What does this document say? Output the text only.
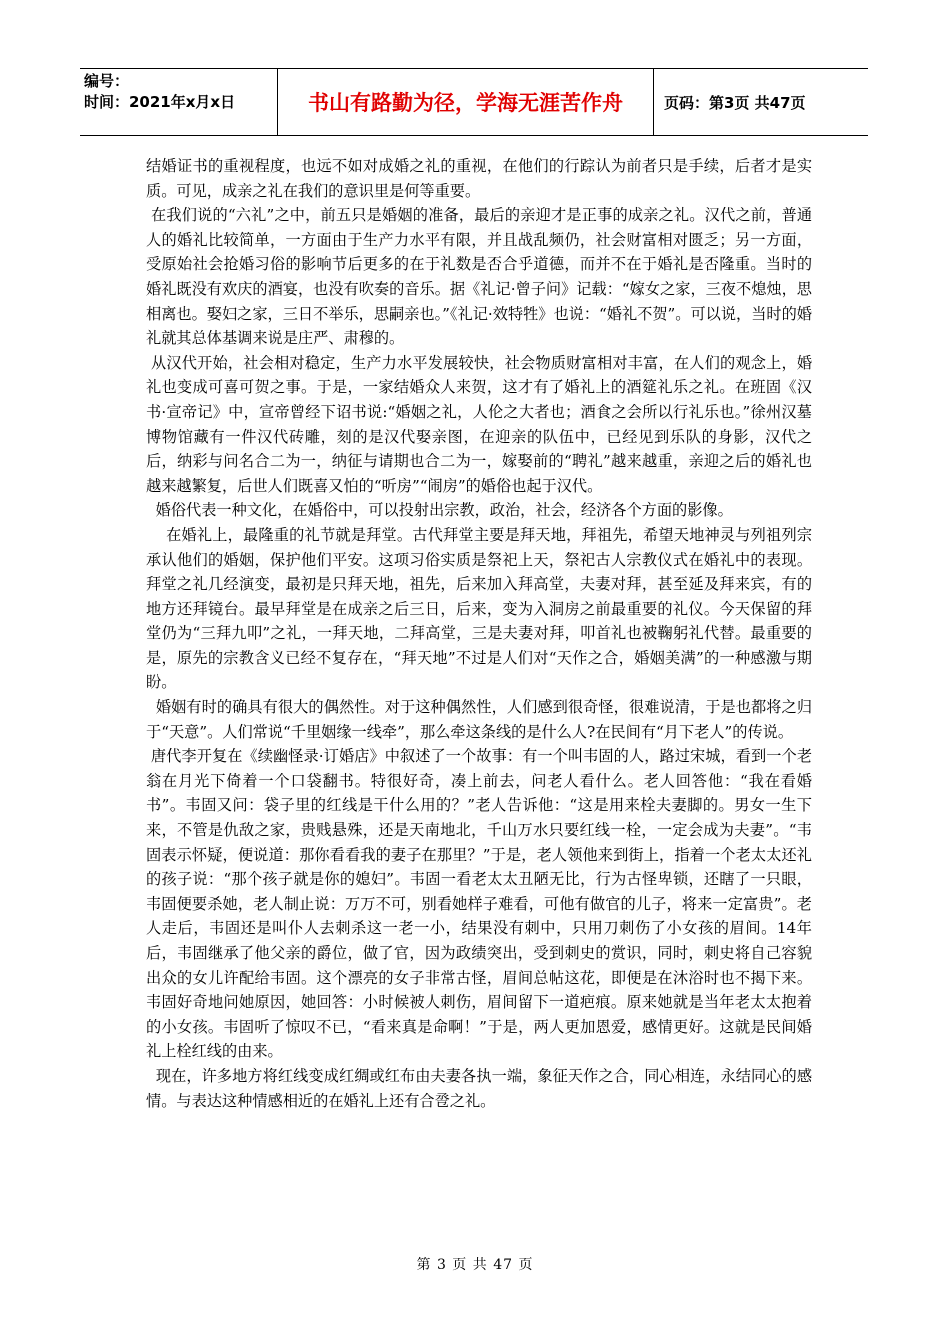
编号：
时间：2021年x月x日	书山有路勤为径，学海无涯苦作舟	页码：第3页 共47页

结婚证书的重视程度，也远不如对成婚之礼的重视，在他们的行踪认为前者只是手续，后者才是实质。可见，成亲之礼在我们的意识里是何等重要。

在我们说的“六礼”之中，前五只是婚姻的准备，最后的亲迎才是正事的成亲之礼。汉代之前，普通人的婚礼比较简单，一方面由于生产力水平有限，并且战乱频仍，社会财富相对匮乏；另一方面，受原始社会抢婚习俗的影响节后更多的在于礼数是否合乎道德，而并不在于婚礼是否隆重。当时的婚礼既没有欢庆的酒宴，也没有吹奏的音乐。据《礼记·曾子问》记载：“嫁女之家，三夜不熄烛，思相离也。娶妇之家，三日不举乐，思嗣亲也。”《礼记·效特牲》也说：“婚礼不贺”。可以说，当时的婚礼就其总体基调来说是庄严、肃穆的。

从汉代开始，社会相对稳定，生产力水平发展较快，社会物质财富相对丰富，在人们的观念上，婚礼也变成可喜可贺之事。于是，一家结婚众人来贺，这才有了婚礼上的酒筵礼乐之礼。在班固《汉书·宣帝记》中，宣帝曾经下诏书说:“婚姻之礼，人伦之大者也；酒食之会所以行礼乐也。”徐州汉墓博物馆藏有一件汉代砖雕，刻的是汉代娶亲图，在迎亲的队伍中，已经见到乐队的身影，汉代之后，纳彩与问名合二为一，纳征与请期也合二为一，嫁娶前的“聘礼”越来越重，亲迎之后的婚礼也越来越繁复，后世人们既喜又怕的“听房”“闹房”的婚俗也起于汉代。

婚俗代表一种文化，在婚俗中，可以投射出宗教，政治，社会，经济各个方面的影像。

在婚礼上，最隆重的礼节就是拜堂。古代拜堂主要是拜天地，拜祖先，希望天地神灵与列祖列宗承认他们的婚姻，保护他们平安。这项习俗实质是祭祀上天，祭祀古人宗教仪式在婚礼中的表现。拜堂之礼几经演变，最初是只拜天地，祖先，后来加入拜高堂，夫妻对拜，甚至延及拜来宾，有的地方还拜镜台。最早拜堂是在成亲之后三日，后来，变为入洞房之前最重要的礼仪。今天保留的拜堂仍为“三拜九叩”之礼，一拜天地，二拜高堂，三是夫妻对拜，叩首礼也被鞠躬礼代替。最重要的是，原先的宗教含义已经不复存在，“拜天地”不过是人们对“天作之合，婚姻美满”的一种感激与期盼。

婚姻有时的确具有很大的偶然性。对于这种偶然性，人们感到很奇怪，很难说清，于是也都将之归于“天意”。人们常说“千里姻缘一线牵”，那么牵这条线的是什么人?在民间有“月下老人”的传说。

唐代李开复在《续幽怪录·订婚店》中叙述了一个故事：有一个叫韦固的人，路过宋城，看到一个老翁在月光下倚着一个口袋翻书。特很好奇，凑上前去，问老人看什么。老人回答他：“我在看婚书”。韦固又问：袋子里的红线是干什么用的？”老人告诉他：“这是用来栓夫妻脚的。男女一生下来，不管是仇敌之家，贵贱悬殊，还是天南地北，千山万水只要红线一栓，一定会成为夫妻”。“韦固表示怀疑，便说道：那你看看我的妻子在那里？”于是，老人领他来到街上，指着一个老太太还礼的孩子说：“那个孩子就是你的媳妇”。韦固一看老太太丑陋无比，行为古怪卑锁，还瞎了一只眼，韦固便要杀她，老人制止说：万万不可，别看她样子难看，可他有做官的儿子，将来一定富贵”。老人走后，韦固还是叫仆人去刺杀这一老一小，结果没有刺中，只用刀刺伤了小女孩的眉间。14年后，韦固继承了他父亲的爵位，做了官，因为政绩突出，受到刺史的赏识，同时，刺史将自己容貌出众的女儿许配给韦固。这个漂亮的女子非常古怪，眉间总帖这花，即便是在沐浴时也不揭下来。韦固好奇地问她原因，她回答：小时候被人刺伤，眉间留下一道疤痕。原来她就是当年老太太抱着的小女孩。韦固听了惊叹不已，“看来真是命啊！”于是，两人更加恩爱，感情更好。这就是民间婚礼上栓红线的由来。

现在，许多地方将红线变成红绸或红布由夫妻各执一端，象征天作之合，同心相连，永结同心的感情。与表达这种情感相近的在婚礼上还有合卺之礼。

第 3 页 共 47 页
